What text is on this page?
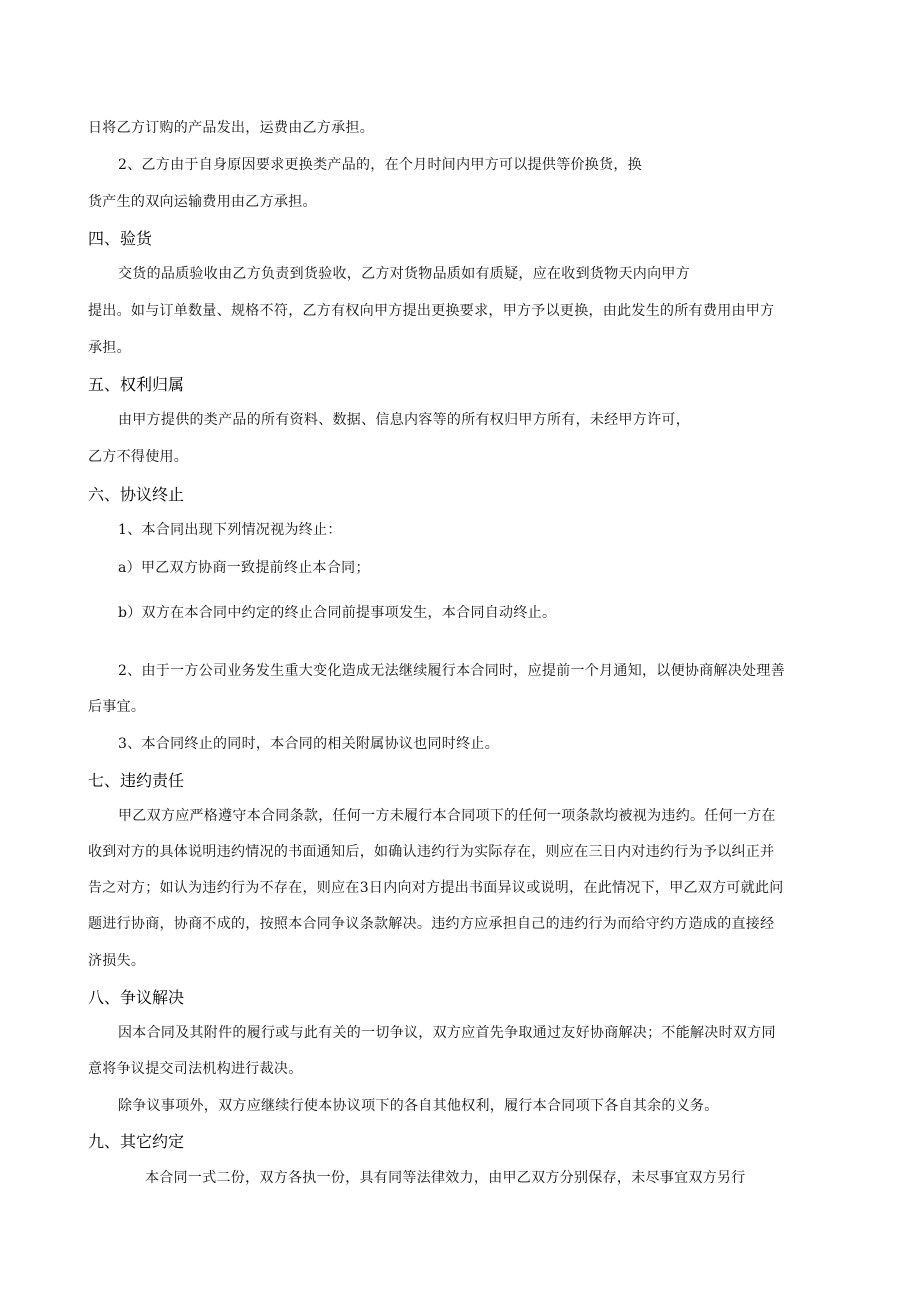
日将乙方订购的产品发出，运费由乙方承担。
2、乙方由于自身原因要求更换类产品的，在个月时间内甲方可以提供等价换货，换
货产生的双向运输费用由乙方承担。
四、验货
交货的品质验收由乙方负责到货验收，乙方对货物品质如有质疑，应在收到货物天内向甲方
提出。如与订单数量、规格不符，乙方有权向甲方提出更换要求，甲方予以更换，由此发生的所有费用由甲方
承担。
五、权利归属
由甲方提供的类产品的所有资料、数据、信息内容等的所有权归甲方所有，未经甲方许可，
乙方不得使用。
六、协议终止
1、本合同出现下列情况视为终止：
a）甲乙双方协商一致提前终止本合同；
b）双方在本合同中约定的终止合同前提事项发生，本合同自动终止。
2、由于一方公司业务发生重大变化造成无法继续履行本合同时，应提前一个月通知，以便协商解决处理善
后事宜。
3、本合同终止的同时，本合同的相关附属协议也同时终止。
七、违约责任
甲乙双方应严格遵守本合同条款，任何一方未履行本合同项下的任何一项条款均被视为违约。任何一方在
收到对方的具体说明违约情况的书面通知后，如确认违约行为实际存在，则应在三日内对违约行为予以纠正并
告之对方；如认为违约行为不存在，则应在3日内向对方提出书面异议或说明，在此情况下，甲乙双方可就此问
题进行协商，协商不成的，按照本合同争议条款解决。违约方应承担自己的违约行为而给守约方造成的直接经
济损失。
八、争议解决
因本合同及其附件的履行或与此有关的一切争议，双方应首先争取通过友好协商解决；不能解决时双方同
意将争议提交司法机构进行裁决。
除争议事项外，双方应继续行使本协议项下的各自其他权利，履行本合同项下各自其余的义务。
九、其它约定
本合同一式二份，双方各执一份，具有同等法律效力，由甲乙双方分别保存，未尽事宜双方另行
